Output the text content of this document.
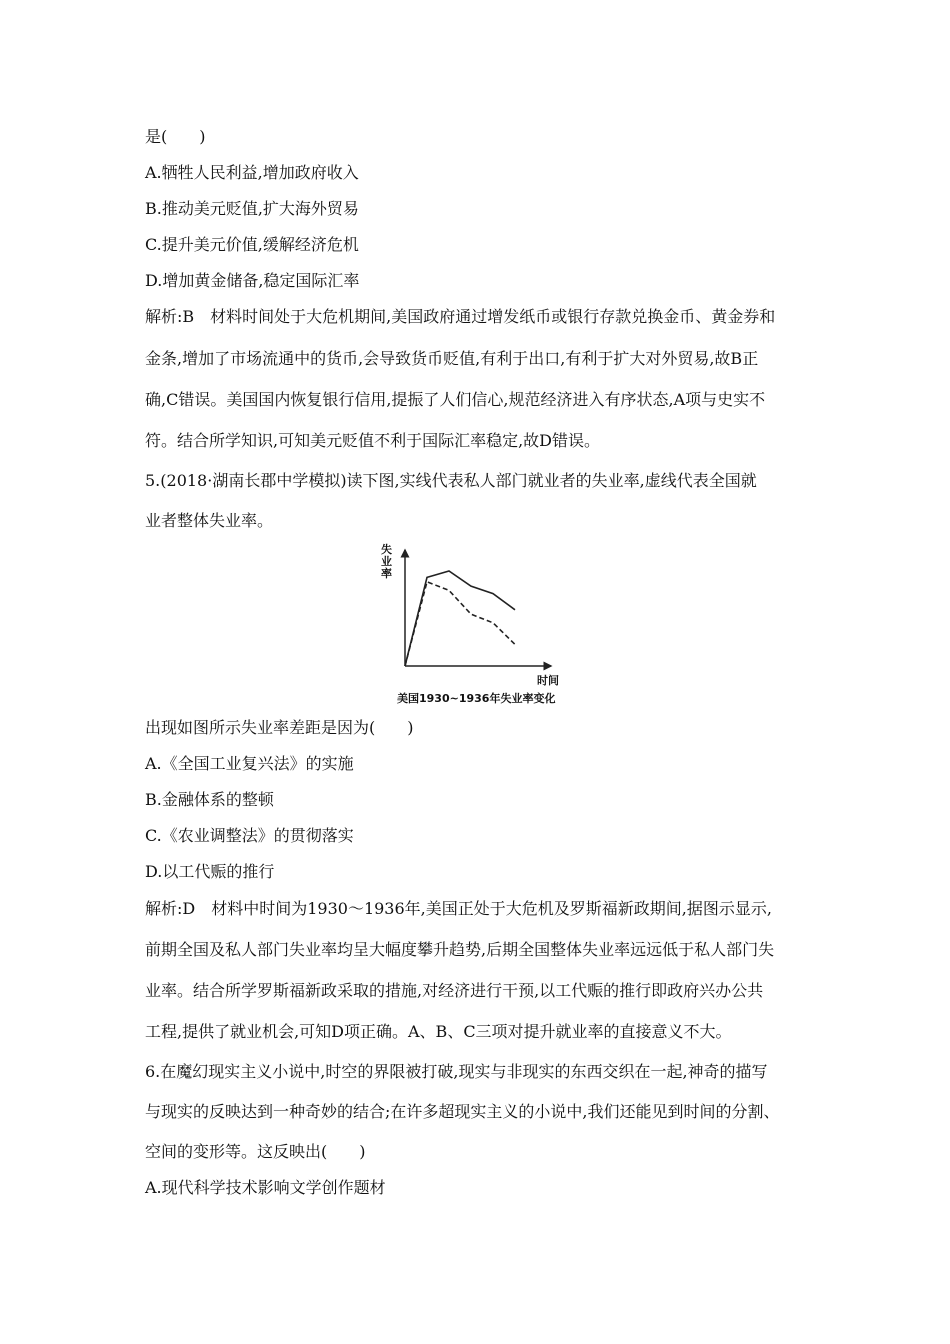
是(　　)
A.牺牲人民利益,增加政府收入
B.推动美元贬值,扩大海外贸易
C.提升美元价值,缓解经济危机
D.增加黄金储备,稳定国际汇率
解析:B　材料时间处于大危机期间,美国政府通过增发纸币或银行存款兑换金币、黄金券和
金条,增加了市场流通中的货币,会导致货币贬值,有利于出口,有利于扩大对外贸易,故B正
确,C错误。美国国内恢复银行信用,提振了人们信心,规范经济进入有序状态,A项与史实不
符。结合所学知识,可知美元贬值不利于国际汇率稳定,故D错误。
5.(2018·湖南长郡中学模拟)读下图,实线代表私人部门就业者的失业率,虚线代表全国就
业者整体失业率。
失业率
时间
美国1930~1936年失业率变化
出现如图所示失业率差距是因为(　　)
A.《全国工业复兴法》的实施
B.金融体系的整顿
C.《农业调整法》的贯彻落实
D.以工代赈的推行
解析:D　材料中时间为1930～1936年,美国正处于大危机及罗斯福新政期间,据图示显示,
前期全国及私人部门失业率均呈大幅度攀升趋势,后期全国整体失业率远远低于私人部门失
业率。结合所学罗斯福新政采取的措施,对经济进行干预,以工代赈的推行即政府兴办公共
工程,提供了就业机会,可知D项正确。A、B、C三项对提升就业率的直接意义不大。
6.在魔幻现实主义小说中,时空的界限被打破,现实与非现实的东西交织在一起,神奇的描写
与现实的反映达到一种奇妙的结合;在许多超现实主义的小说中,我们还能见到时间的分割、
空间的变形等。这反映出(　　)
A.现代科学技术影响文学创作题材
